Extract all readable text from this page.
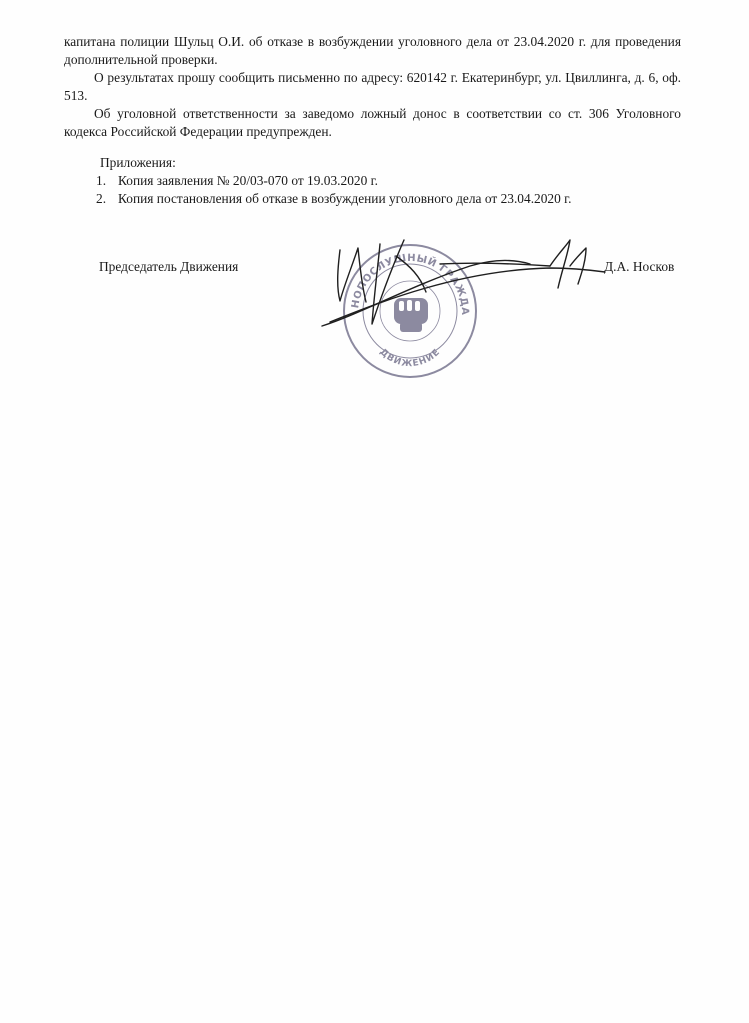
капитана полиции Шульц О.И. об отказе в возбуждении уголовного дела от 23.04.2020 г. для проведения дополнительной проверки.

О результатах прошу сообщить письменно по адресу: 620142 г. Екатеринбург, ул. Цвиллинга, д. 6, оф. 513.

Об уголовной ответственности за заведомо ложный донос в соответствии со ст. 306 Уголовного кодекса Российской Федерации предупрежден.

Приложения:

1. Копия заявления № 20/03-070 от 19.03.2020 г.
2. Копия постановления об отказе в возбуждении уголовного дела от 23.04.2020 г.
Председатель Движения	Д.А. Носков
ЗАКОНОПОСЛУШНЫЙ ГРАЖДАНИН
ДВИЖЕНИЕ
